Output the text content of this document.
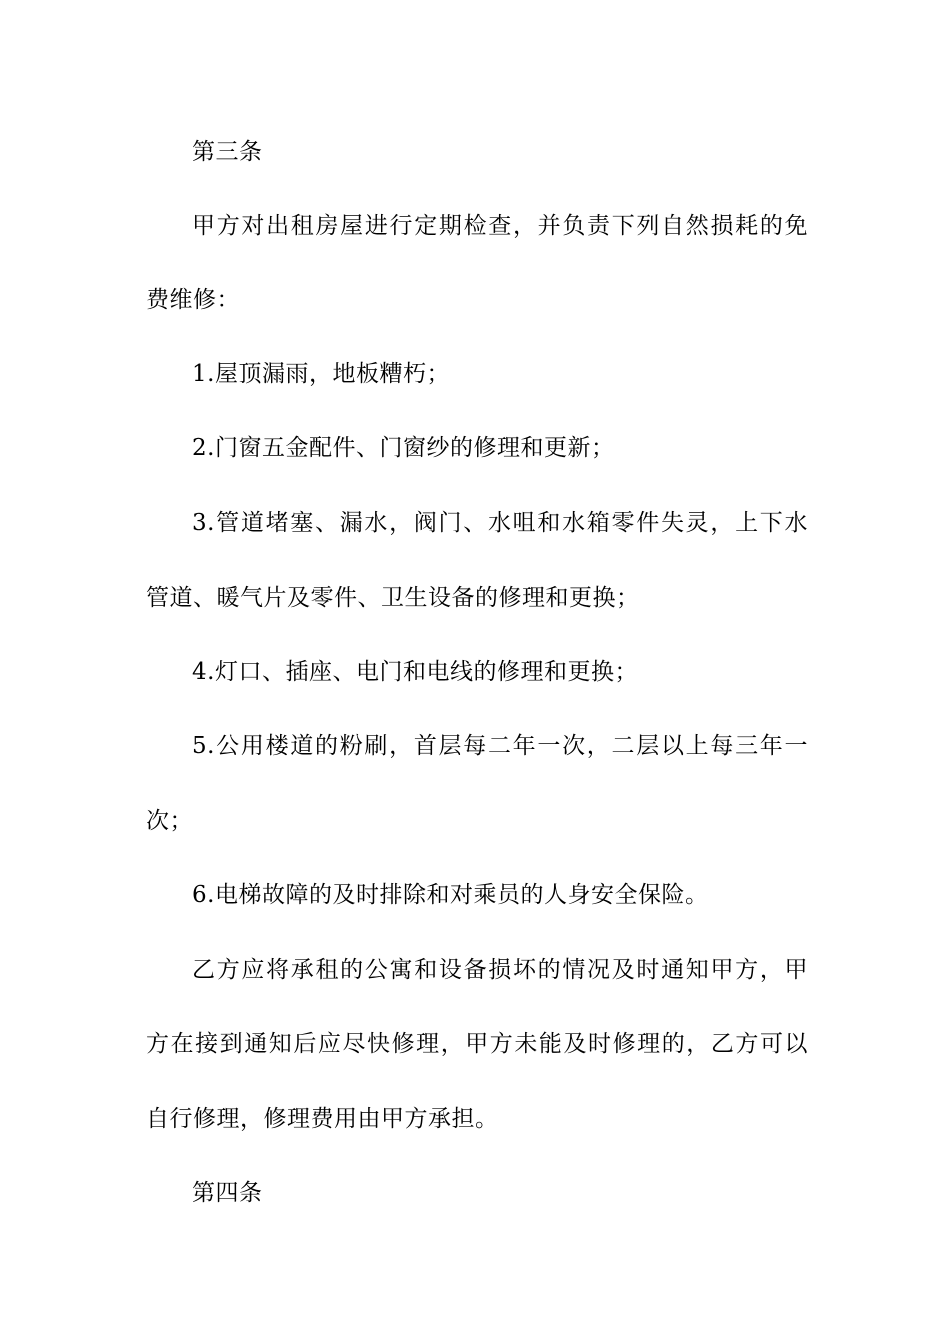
第三条
甲方对出租房屋进行定期检查，并负责下列自然损耗的免
费维修：
1.屋顶漏雨，地板糟朽；
2.门窗五金配件、门窗纱的修理和更新；
3.管道堵塞、漏水，阀门、水咀和水箱零件失灵，上下水
管道、暖气片及零件、卫生设备的修理和更换；
4.灯口、插座、电门和电线的修理和更换；
5.公用楼道的粉刷，首层每二年一次，二层以上每三年一
次；
6.电梯故障的及时排除和对乘员的人身安全保险。
乙方应将承租的公寓和设备损坏的情况及时通知甲方，甲
方在接到通知后应尽快修理，甲方未能及时修理的，乙方可以
自行修理，修理费用由甲方承担。
第四条
